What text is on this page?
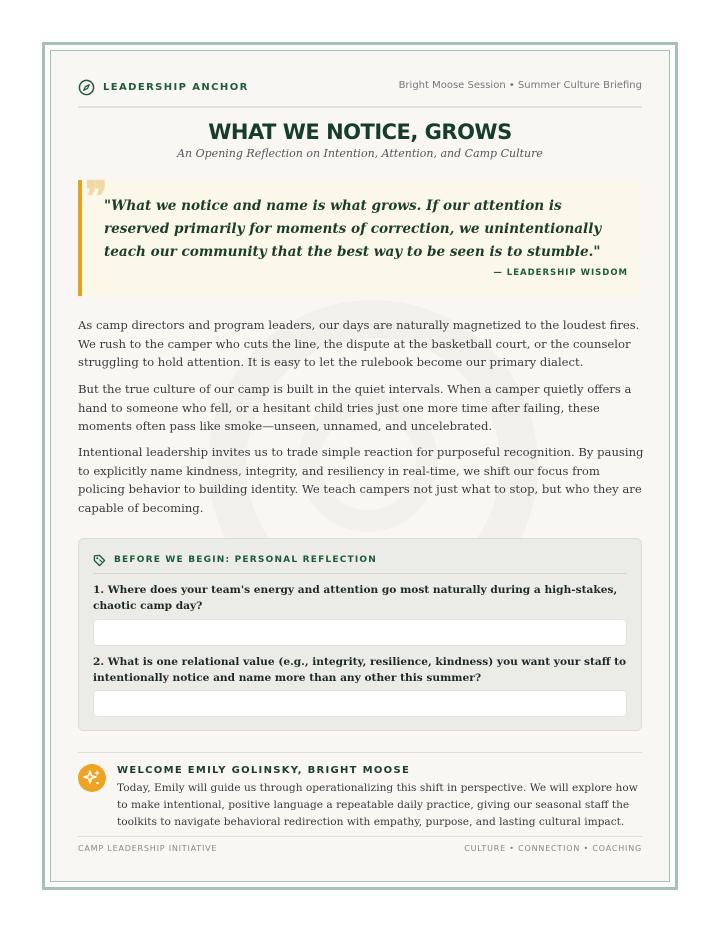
LEADERSHIP ANCHOR	Bright Moose Session • Summer Culture Briefing
WHAT WE NOTICE, GROWS
An Opening Reflection on Intention, Attention, and Camp Culture
❞
"What we notice and name is what grows. If our attention is reserved primarily for moments of correction, we unintentionally teach our community that the best way to be seen is to stumble."
— LEADERSHIP WISDOM

As camp directors and program leaders, our days are naturally magnetized to the loudest fires. We rush to the camper who cuts the line, the dispute at the basketball court, or the counselor struggling to hold attention. It is easy to let the rulebook become our primary dialect.

But the true culture of our camp is built in the quiet intervals. When a camper quietly offers a hand to someone who fell, or a hesitant child tries just one more time after failing, these moments often pass like smoke—unseen, unnamed, and uncelebrated.

Intentional leadership invites us to trade simple reaction for purposeful recognition. By pausing to explicitly name kindness, integrity, and resiliency in real-time, we shift our focus from policing behavior to building identity. We teach campers not just what to stop, but who they are capable of becoming.

BEFORE WE BEGIN: PERSONAL REFLECTION
1. Where does your team's energy and attention go most naturally during a high-stakes, chaotic camp day?
2. What is one relational value (e.g., integrity, resilience, kindness) you want your staff to intentionally notice and name more than any other this summer?
WELCOME EMILY GOLINSKY, BRIGHT MOOSE
Today, Emily will guide us through operationalizing this shift in perspective. We will explore how to make intentional, positive language a repeatable daily practice, giving our seasonal staff the toolkits to navigate behavioral redirection with empathy, purpose, and lasting cultural impact.
CAMP LEADERSHIP INITIATIVE	CULTURE • CONNECTION • COACHING
